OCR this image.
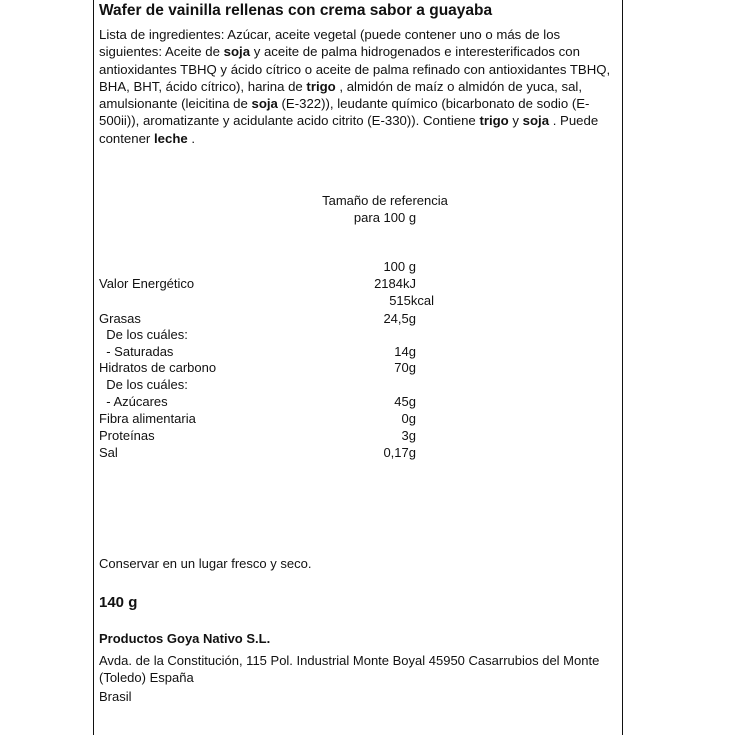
Wafer de vainilla rellenas con crema sabor a guayaba
Lista de ingredientes: Azúcar, aceite vegetal (puede contener uno o más de los siguientes: Aceite de soja y aceite de palma hidrogenados e interesterificados con antioxidantes TBHQ y ácido cítrico o aceite de palma refinado con antioxidantes TBHQ, BHA, BHT, ácido cítrico), harina de trigo , almidón de maíz o almidón de yuca, sal, amulsionante (leicitina de soja (E-322)), leudante químico (bicarbonato de sodio (E-500ii)), aromatizante y acidulante acido citrito (E-330)). Contiene trigo y soja . Puede contener leche .
Tamaño de referencia
para 100 g
100 g
Valor Energético	2184kJ
515kcal
Grasas	24,5g
De los cuáles:
- Saturadas	14g
Hidratos de carbono	70g
De los cuáles:
- Azúcares	45g
Fibra alimentaria	0g
Proteínas	3g
Sal	0,17g
Conservar en un lugar fresco y seco.
140 g
Productos Goya Nativo S.L.
Avda. de la Constitución, 115 Pol. Industrial Monte Boyal 45950 Casarrubios del Monte (Toledo) España
Brasil
